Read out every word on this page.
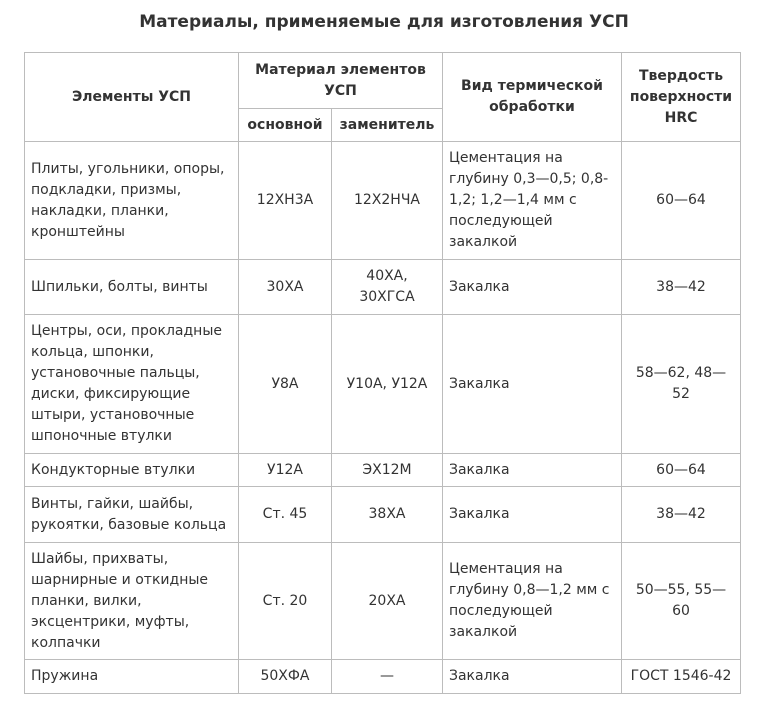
Материалы, применяемые для изготовления УСП
Элементы УСП	Материал элементов УСП		Вид термической обработки	Твердость поверхности HRC
	основной	заменитель		
Плиты, угольники, опоры, подкладки, призмы, накладки, планки, кронштейны	12ХН3А	12Х2НЧА	Цементация на глубину 0,3—0,5; 0,8-1,2; 1,2—1,4 мм с последующей закалкой	60—64
Шпильки, болты, винты	30ХА	40ХА, 30ХГСА	Закалка	38—42
Центры, оси, прокладные кольца, шпонки, установочные пальцы, диски, фиксирующие штыри, установочные шпоночные втулки	У8А	У10А, У12А	Закалка	58—62, 48—52
Кондукторные втулки	У12А	ЭХ12М	Закалка	60—64
Винты, гайки, шайбы, рукоятки, базовые кольца	Ст. 45	38ХА	Закалка	38—42
Шайбы, прихваты, шарнирные и откидные планки, вилки, эксцентрики, муфты, колпачки	Ст. 20	20ХА	Цементация на глубину 0,8—1,2 мм с последующей закалкой	50—55, 55—60
Пружина	50ХФА	—	Закалка	ГОСТ 1546-42
